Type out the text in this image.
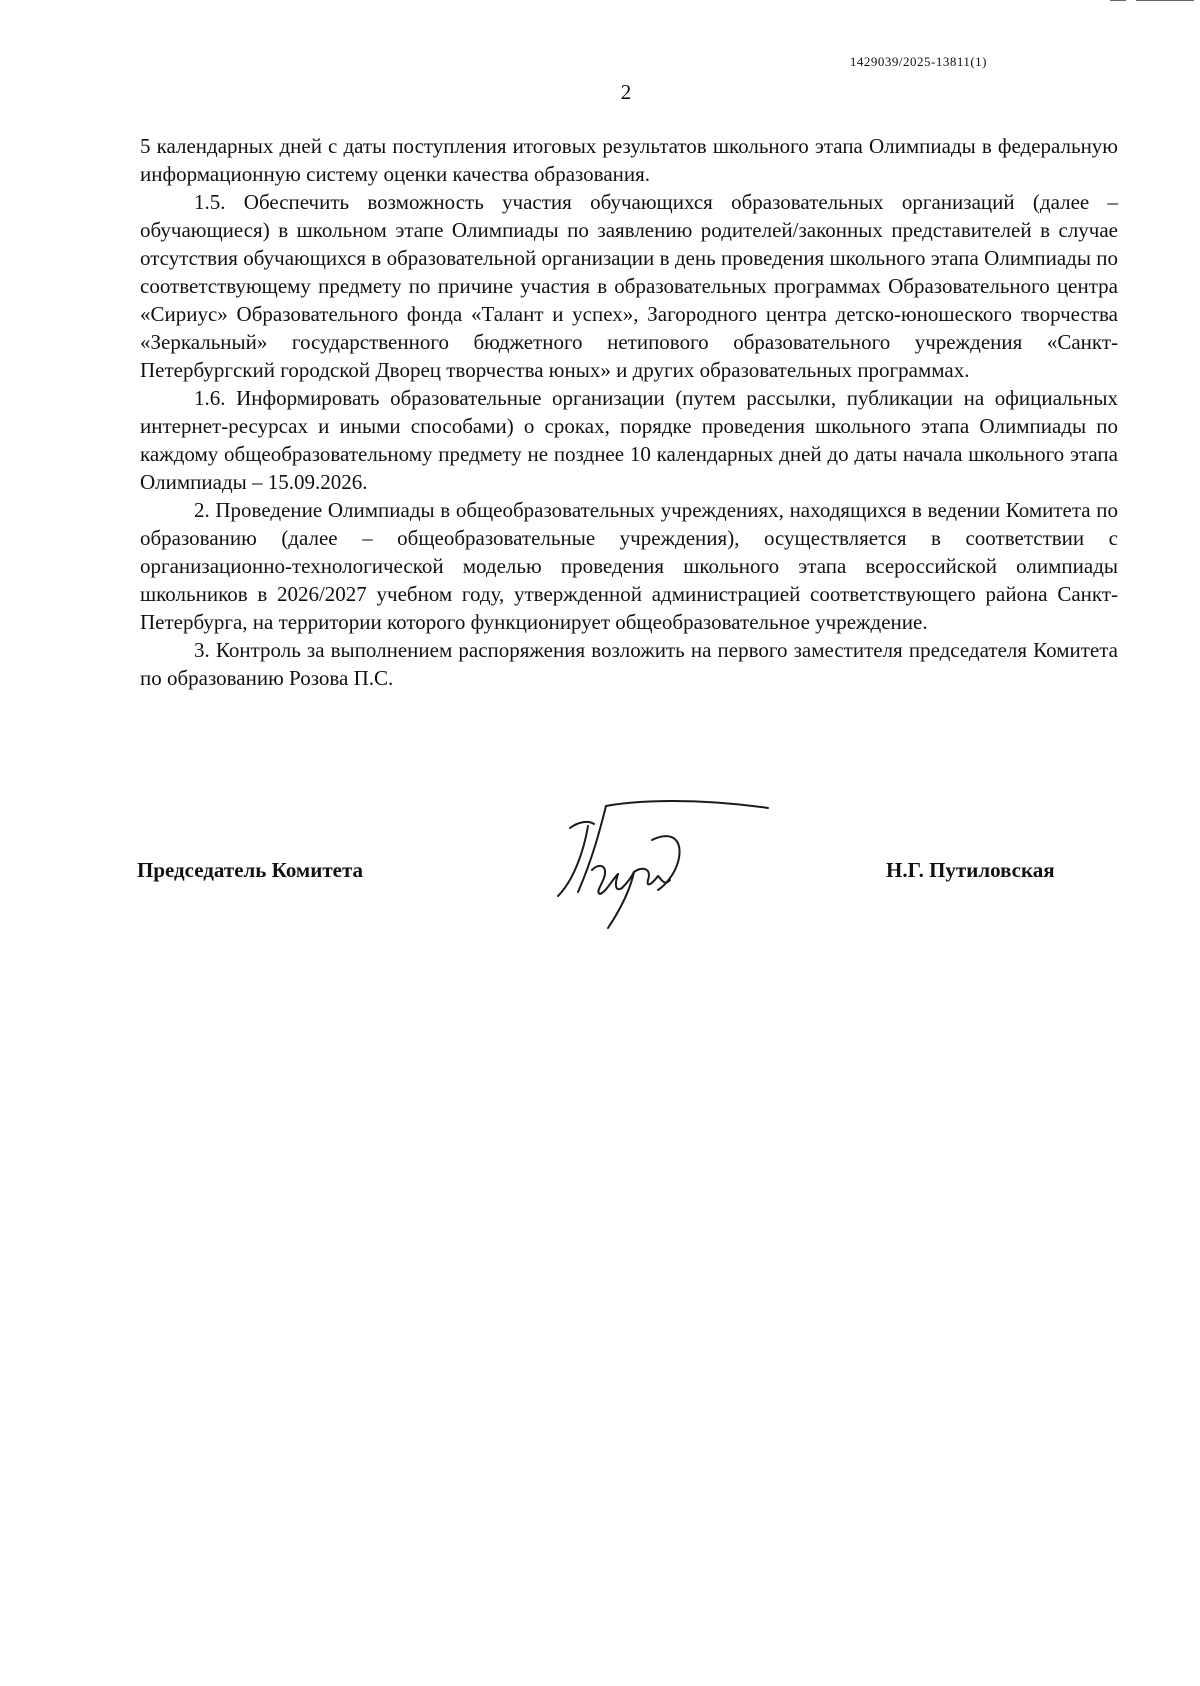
1429039/2025-13811(1)
2

5 календарных дней с даты поступления итоговых результатов школьного этапа Олимпиады в федеральную информационную систему оценки качества образования.

1.5. Обеспечить возможность участия обучающихся образовательных организаций (далее – обучающиеся) в школьном этапе Олимпиады по заявлению родителей/законных представителей в случае отсутствия обучающихся в образовательной организации в день проведения школьного этапа Олимпиады по соответствующему предмету по причине участия в образовательных программах Образовательного центра «Сириус» Образовательного фонда «Талант и успех», Загородного центра детско-юношеского творчества «Зеркальный» государственного бюджетного нетипового образовательного учреждения «Санкт-Петербургский городской Дворец творчества юных» и других образовательных программах.

1.6. Информировать образовательные организации (путем рассылки, публикации на официальных интернет-ресурсах и иными способами) о сроках, порядке проведения школьного этапа Олимпиады по каждому общеобразовательному предмету не позднее 10 календарных дней до даты начала школьного этапа Олимпиады – 15.09.2026.

2. Проведение Олимпиады в общеобразовательных учреждениях, находящихся в ведении Комитета по образованию (далее – общеобразовательные учреждения), осуществляется в соответствии с организационно-технологической моделью проведения школьного этапа всероссийской олимпиады школьников в 2026/2027 учебном году, утвержденной администрацией соответствующего района Санкт-Петербурга, на территории которого функционирует общеобразовательное учреждение.

3. Контроль за выполнением распоряжения возложить на первого заместителя председателя Комитета по образованию Розова П.С.

Председатель Комитета	Н.Г. Путиловская
